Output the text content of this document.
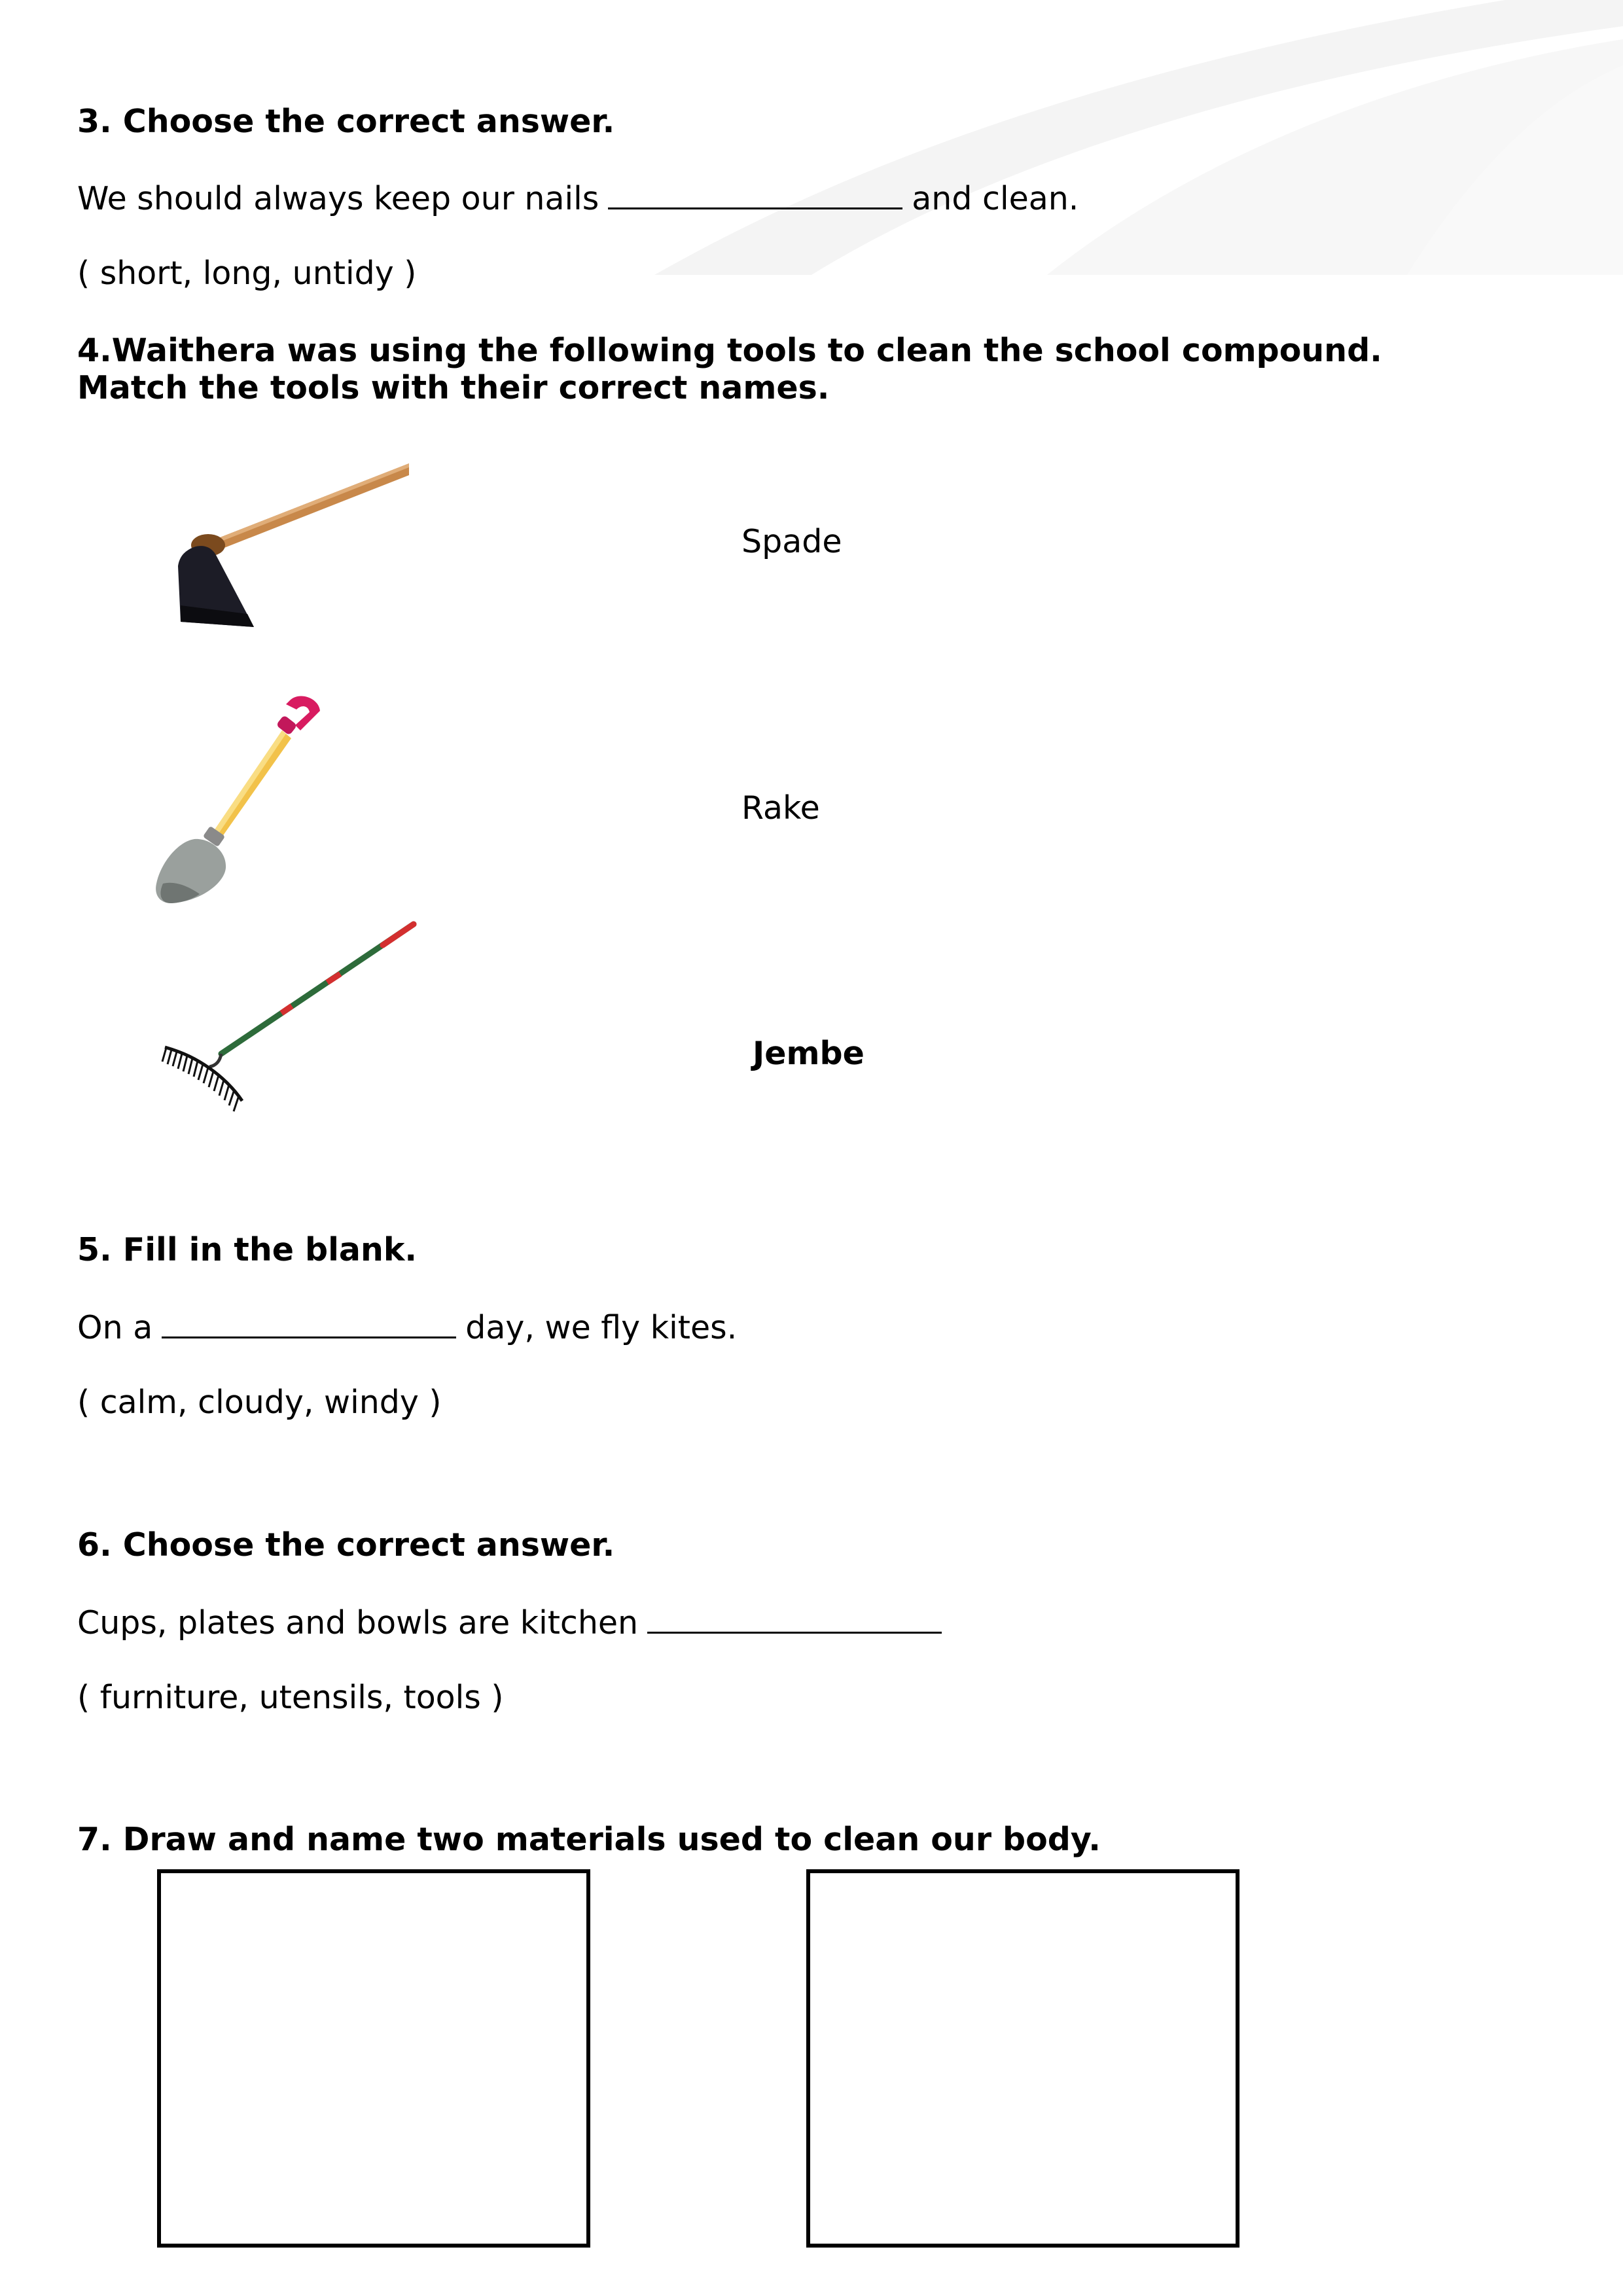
3. Choose the correct answer.

We should always keep our nails	and clean.

( short, long, untidy )

4.Waithera was using the following tools to clean the school compound.

Match the tools with their correct names.

Spade

Rake

Jembe

5. Fill in the blank.

On a	day, we fly kites.

( calm, cloudy, windy )

6. Choose the correct answer.

Cups, plates and bowls are kitchen

( furniture, utensils, tools )

7. Draw and name two materials used to clean our body.
